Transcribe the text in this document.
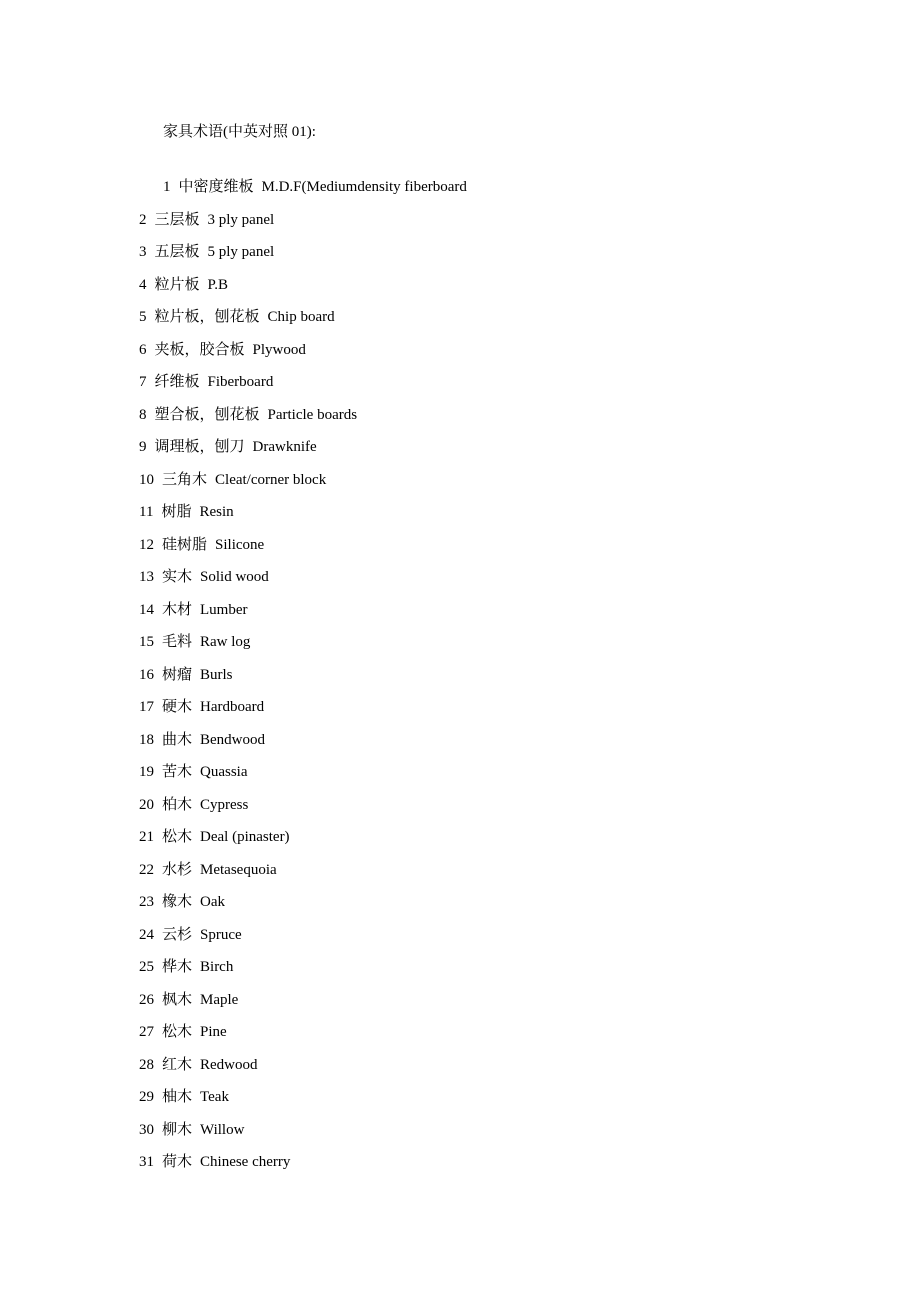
家具术语(中英对照 01):
1 中密度维板 M.D.F(Mediumdensity fiberboard
2 三层板 3 ply panel
3 五层板 5 ply panel
4 粒片板 P.B
5 粒片板，刨花板 Chip board
6 夹板，胶合板 Plywood
7 纤维板 Fiberboard
8 塑合板，刨花板 Particle boards
9 调理板，刨刀 Drawknife
10 三角木 Cleat/corner block
11 树脂 Resin
12 硅树脂 Silicone
13 实木 Solid wood
14 木材 Lumber
15 毛料 Raw log
16 树瘤 Burls
17 硬木 Hardboard
18 曲木 Bendwood
19 苦木 Quassia
20 柏木 Cypress
21 松木 Deal (pinaster)
22 水杉 Metasequoia
23 橡木 Oak
24 云杉 Spruce
25 桦木 Birch
26 枫木 Maple
27 松木 Pine
28 红木 Redwood
29 柚木 Teak
30 柳木 Willow
31 荷木 Chinese cherry
